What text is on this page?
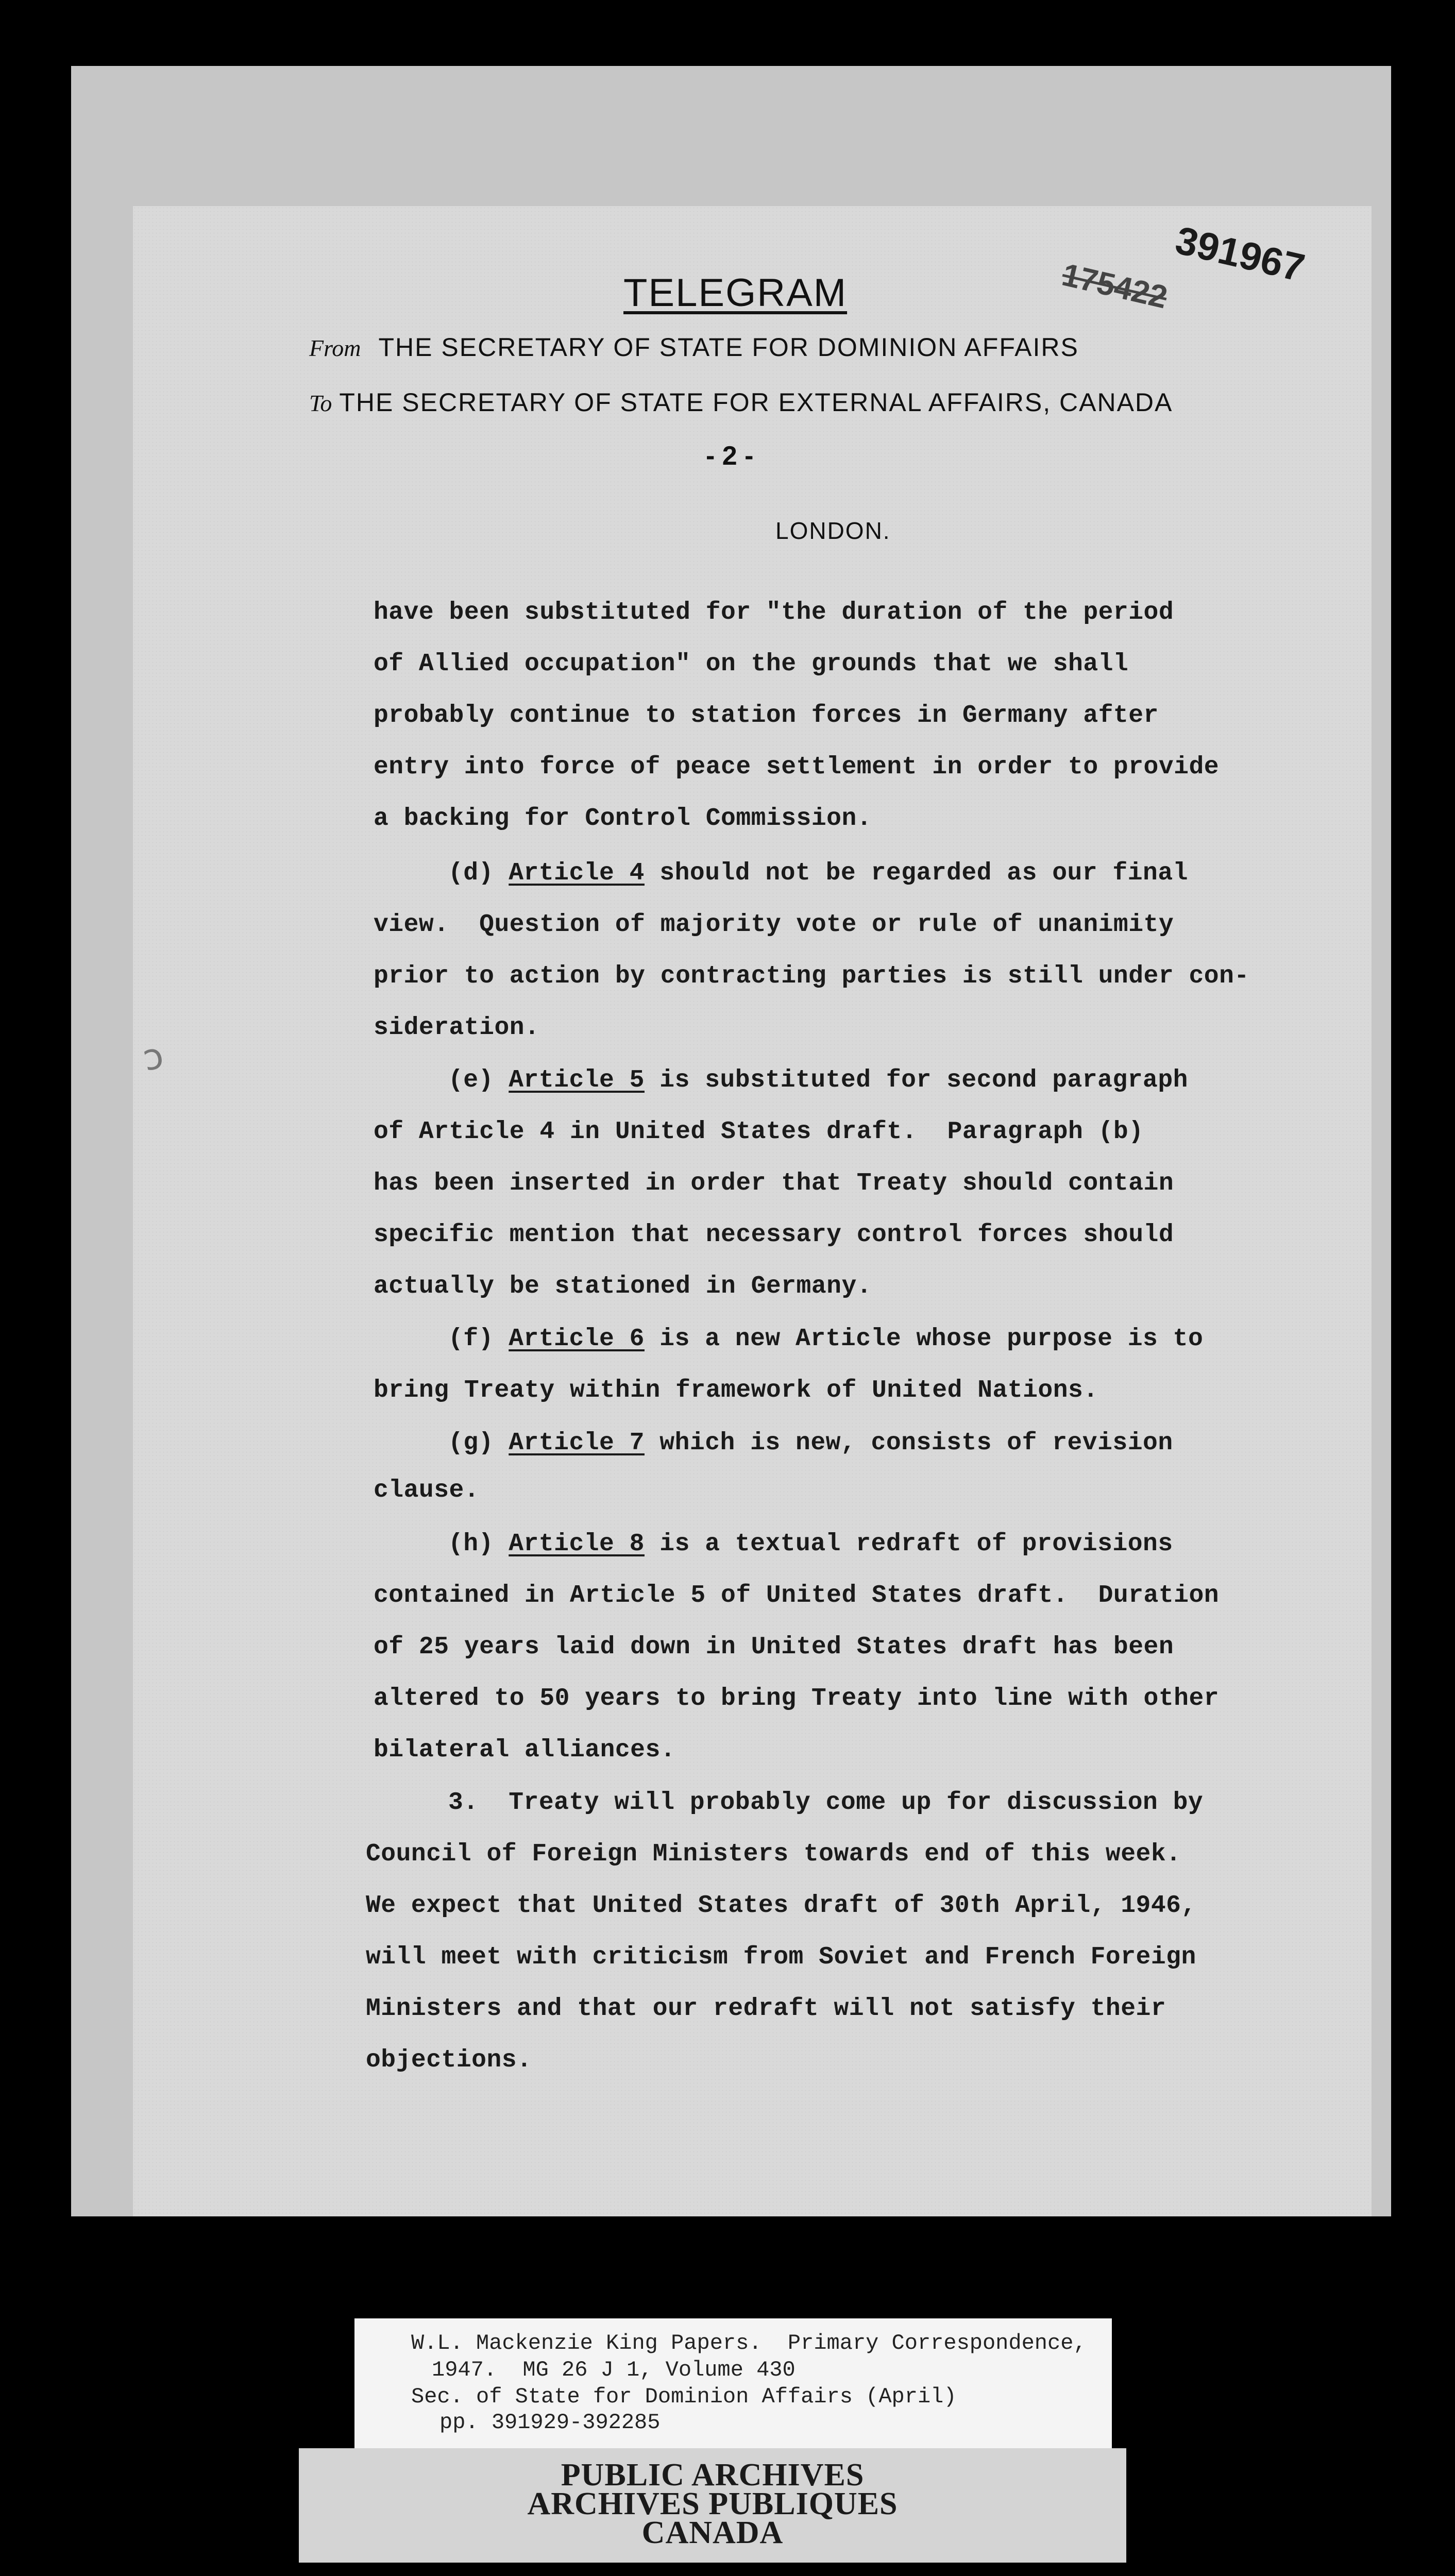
TELEGRAM	175422 391967
From THE SECRETARY OF STATE FOR DOMINION AFFAIRS
To THE SECRETARY OF STATE FOR EXTERNAL AFFAIRS, CANADA
- 2 -
LONDON.
ↄ
have been substituted for "the duration of the period
of Allied occupation" on the grounds that we shall
probably continue to station forces in Germany after
entry into force of peace settlement in order to provide
a backing for Control Commission.
(d) Article 4 should not be regarded as our final
view.  Question of majority vote or rule of unanimity
prior to action by contracting parties is still under con-
sideration.
(e) Article 5 is substituted for second paragraph
of Article 4 in United States draft.  Paragraph (b)
has been inserted in order that Treaty should contain
specific mention that necessary control forces should
actually be stationed in Germany.
(f) Article 6 is a new Article whose purpose is to
bring Treaty within framework of United Nations.
(g) Article 7 which is new, consists of revision
clause.
(h) Article 8 is a textual redraft of provisions
contained in Article 5 of United States draft.  Duration
of 25 years laid down in United States draft has been
altered to 50 years to bring Treaty into line with other
bilateral alliances.
3.  Treaty will probably come up for discussion by
Council of Foreign Ministers towards end of this week.
We expect that United States draft of 30th April, 1946,
will meet with criticism from Soviet and French Foreign
Ministers and that our redraft will not satisfy their
objections.
W.L. Mackenzie King Papers.  Primary Correspondence,
1947.  MG 26 J 1, Volume 430
Sec. of State for Dominion Affairs (April)
pp. 391929-392285
PUBLIC ARCHIVES
ARCHIVES PUBLIQUES
CANADA
